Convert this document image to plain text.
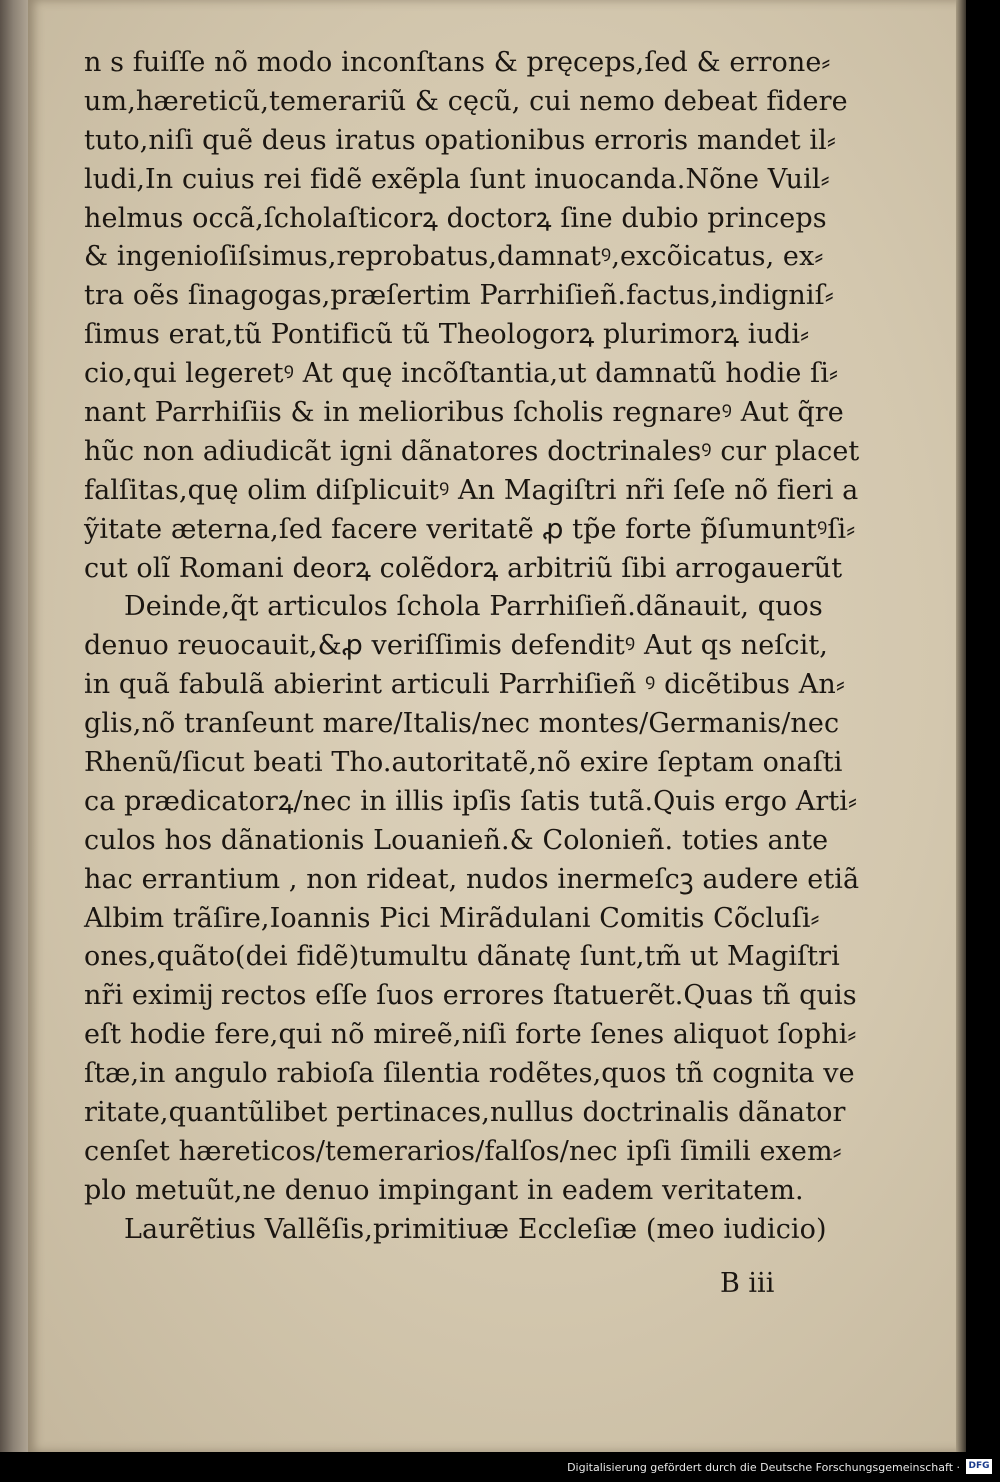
n s fuiſſe nõ modo inconſtans & pręceps,ſed & errone⸗
um,hæreticũ,temerariũ & cęcũ, cui nemo debeat fidere
tuto,niſi quẽ deus iratus opationibus erroris mandet il⸗
ludi,In cuius rei fidẽ exẽpla ſunt inuocanda.Nõne Vuil⸗
helmus occã,ſcholaſticorꝝ doctorꝝ ſine dubio princeps
& ingenioſiſsimus,reprobatus,damnatꝰ,excõicatus, ex⸗
tra oẽs ſinagogas,præſertim Parrhiſieñ.factus,indigniſ⸗
ſimus erat,tũ Pontificũ tũ Theologorꝝ plurimorꝝ iudi⸗
cio,qui legeretꝰ At quę incõſtantia,ut damnatũ hodie ſi⸗
nant Parrhiſiis & in melioribus ſcholis regnareꝰ Aut q̃re
hũc non adiudicãt igni dãnatores doctrinalesꝰ cur placet
falſitas,quę olim diſplicuitꝰ An Magiſtri nr̃i ſeſe nõ fieri a
ỹitate æterna,ſed facere veritatẽ ꝓ tp̃e forte p̃ſumuntꝰſi⸗
cut olĩ Romani deorꝝ colẽdorꝝ arbitriũ ſibi arrogauerũt
Deinde,q̃t articulos ſchola Parrhiſieñ.dãnauit, quos
denuo reuocauit,&ꝓ veriſſimis defenditꝰ Aut qs neſcit,
in quã fabulã abierint articuli Parrhiſieñ ꝰ dicẽtibus An⸗
glis,nõ tranſeunt mare/Italis/nec montes/Germanis/nec
Rhenũ/ſicut beati Tho.autoritatẽ,nõ exire ſeptam onaſti
ca prædicatorꝝ/nec in illis ipſis ſatis tutã.Quis ergo Arti⸗
culos hos dãnationis Louanieñ.& Colonieñ. toties ante
hac errantium , non rideat, nudos inermeſcꝫ audere etiã
Albim trãſire,Ioannis Pici Mirãdulani Comitis Cõcluſi⸗
ones,quãto(dei fidẽ)tumultu dãnatę ſunt,tm̃ ut Magiſtri
nr̃i eximĳ rectos eſſe ſuos errores ſtatuerẽt.Quas tñ quis
eſt hodie fere,qui nõ mireẽ,niſi forte ſenes aliquot ſophi⸗
ſtæ,in angulo rabioſa ſilentia rodẽtes,quos tñ cognita ve
ritate,quantũlibet pertinaces,nullus doctrinalis dãnator
cenſet hæreticos/temerarios/falſos/nec ipſi ſimili exem⸗
plo metuũt,ne denuo impingant in eadem veritatem.
Laurẽtius Vallẽſis,primitiuæ Eccleſiæ (meo iudicio)
B iii
Digitalisierung gefördert durch die Deutsche Forschungsgemeinschaft · DFG
